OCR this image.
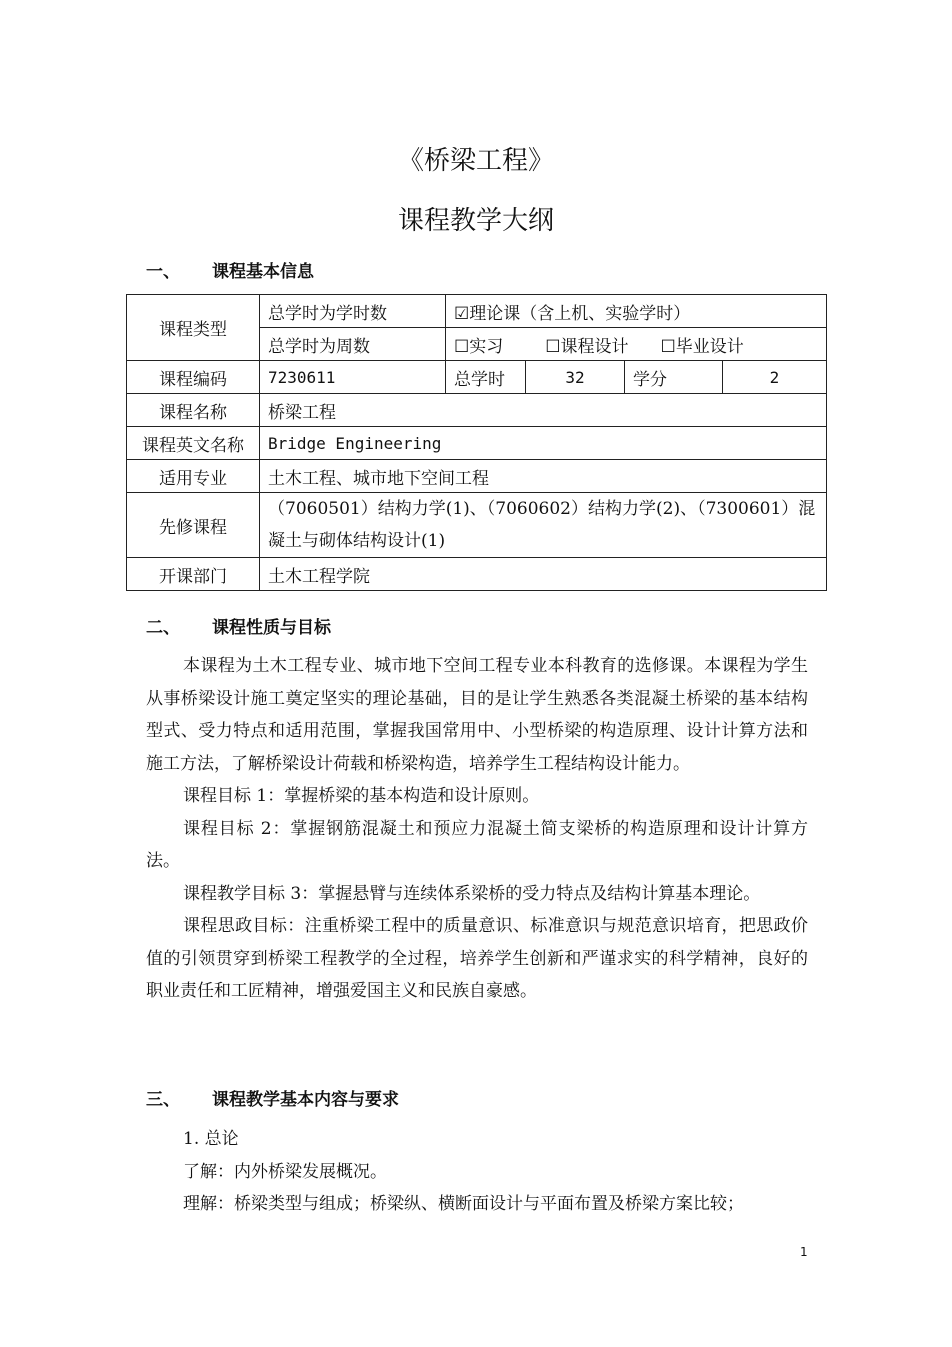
《桥梁工程》
课程教学大纲
一、 课程基本信息
课程类型	总学时为学时数	☑理论课（含上机、实验学时）			
	总学时为周数	☐实习 ☐课程设计 ☐毕业设计			
课程编码	7230611	总学时	32	学分	2
课程名称	桥梁工程				
课程英文名称	Bridge Engineering				
适用专业	土木工程、城市地下空间工程				
先修课程	（7060501）结构力学(1)、（7060602）结构力学(2)、（7300601）混凝土与砌体结构设计(1)				
开课部门	土木工程学院				
二、 课程性质与目标
本课程为土木工程专业、城市地下空间工程专业本科教育的选修课。本课程为学生从事桥梁设计施工奠定坚实的理论基础，目的是让学生熟悉各类混凝土桥梁的基本结构型式、受力特点和适用范围，掌握我国常用中、小型桥梁的构造原理、设计计算方法和施工方法，了解桥梁设计荷载和桥梁构造，培养学生工程结构设计能力。
课程目标 1：掌握桥梁的基本构造和设计原则。
课程目标 2：掌握钢筋混凝土和预应力混凝土简支梁桥的构造原理和设计计算方法。
课程教学目标 3：掌握悬臂与连续体系梁桥的受力特点及结构计算基本理论。
课程思政目标：注重桥梁工程中的质量意识、标准意识与规范意识培育，把思政价值的引领贯穿到桥梁工程教学的全过程，培养学生创新和严谨求实的科学精神，良好的职业责任和工匠精神，增强爱国主义和民族自豪感。
三、 课程教学基本内容与要求
1. 总论
了解：内外桥梁发展概况。
理解：桥梁类型与组成；桥梁纵、横断面设计与平面布置及桥梁方案比较；
1
